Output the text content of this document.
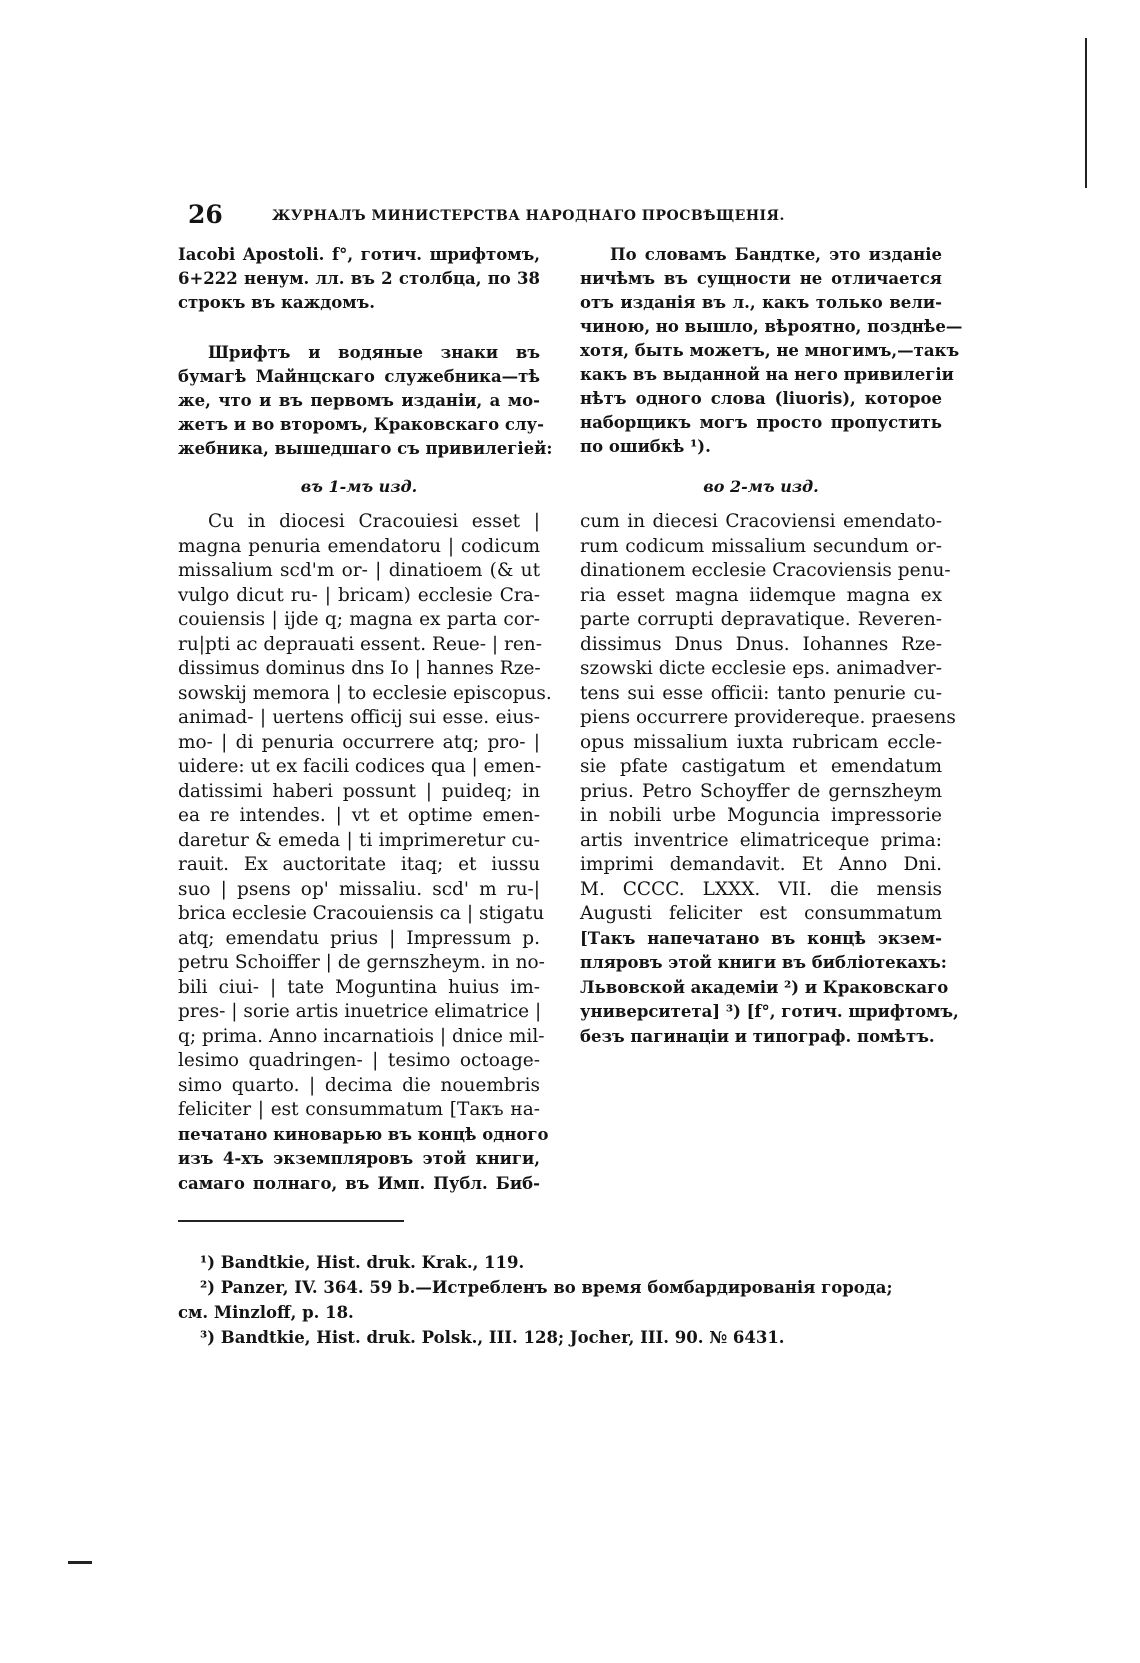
26	ЖУРНАЛЪ МИНИСТЕРСТВА НАРОДНАГО ПРОСВѢЩЕНІЯ.
Iacobi Apostoli. f°, готич. шрифтомъ,
6+222 ненум. лл. въ 2 столбца, по 38
строкъ въ каждомъ.
Шрифтъ и водяные знаки въ
бумагѣ Майнцскаго служебника—тѣ
же, что и въ первомъ изданіи, а мо-
жетъ и во второмъ, Краковскаго слу-
жебника, вышедшаго съ привилегіей:
въ 1-мъ изд.
Cu in diocesi Cracouiesi esset |
magna penuria emendatoru | codicum
missalium scd'm or- | dinatioem (& ut
vulgo dicut ru- | bricam) ecclesie Cra-
couiensis | ijde q; magna ex parta cor-
ru|pti ac deprauati essent. Reue- | ren-
dissimus dominus dns Io | hannes Rze-
sowskij memora | to ecclesie episcopus.
animad- | uertens officij sui esse. eius-
mo- | di penuria occurrere atq; pro- |
uidere: ut ex facili codices qua | emen-
datissimi haberi possunt | puideq; in
ea re intendes. | vt et optime emen-
daretur & emeda | ti imprimeretur cu-
rauit. Ex auctoritate itaq; et iussu
suo | psens op' missaliu. scd' m ru-|
brica ecclesie Cracouiensis ca | stigatu
atq; emendatu prius | Impressum p.
petru Schoiffer | de gernszheym. in no-
bili ciui- | tate Moguntina huius im-
pres- | sorie artis inuetrice elimatrice |
q; prima. Anno incarnatiois | dnice mil-
lesimo quadringen- | tesimo octoage-
simo quarto. | decima die nouembris
feliciter | est consummatum [Такъ на-
печатано киноварью въ концѣ одного
изъ 4-хъ экземпляровъ этой книги,
самаго полнаго, въ Имп. Публ. Биб-
По словамъ Бандтке, это изданіе
ничѣмъ въ сущности не отличается
отъ изданія въ л., какъ только вели-
чиною, но вышло, вѣроятно, позднѣе—
хотя, быть можетъ, не многимъ,—такъ
какъ въ выданной на него привилегіи
нѣтъ одного слова (liuoris), которое
наборщикъ могъ просто пропустить
по ошибкѣ ¹).
во 2-мъ изд.
cum in diecesi Cracoviensi emendato-
rum codicum missalium secundum or-
dinationem ecclesie Cracoviensis penu-
ria esset magna iidemque magna ex
parte corrupti depravatique. Reveren-
dissimus Dnus Dnus. Iohannes Rze-
szowski dicte ecclesie eps. animadver-
tens sui esse officii: tanto penurie cu-
piens occurrere providereque. praesens
opus missalium iuxta rubricam eccle-
sie pfate castigatum et emendatum
prius. Petro Schoyffer de gernszheym
in nobili urbe Moguncia impressorie
artis inventrice elimatriceque prima:
imprimi demandavit. Et Anno Dni.
M. CCCC. LXXX. VII. die mensis
Augusti feliciter est consummatum
[Такъ напечатано въ концѣ экзем-
пляровъ этой книги въ библіотекахъ:
Львовской академіи ²) и Краковскаго
университета] ³) [f°, готич. шрифтомъ,
безъ пагинаціи и типограф. помѣтъ.
¹) Bandtkie, Hist. druk. Krak., 119.
²) Panzer, IV. 364. 59 b.—Истребленъ во время бомбардированія города;
см. Minzloff, p. 18.
³) Bandtkie, Hist. druk. Polsk., III. 128; Jocher, III. 90. № 6431.
